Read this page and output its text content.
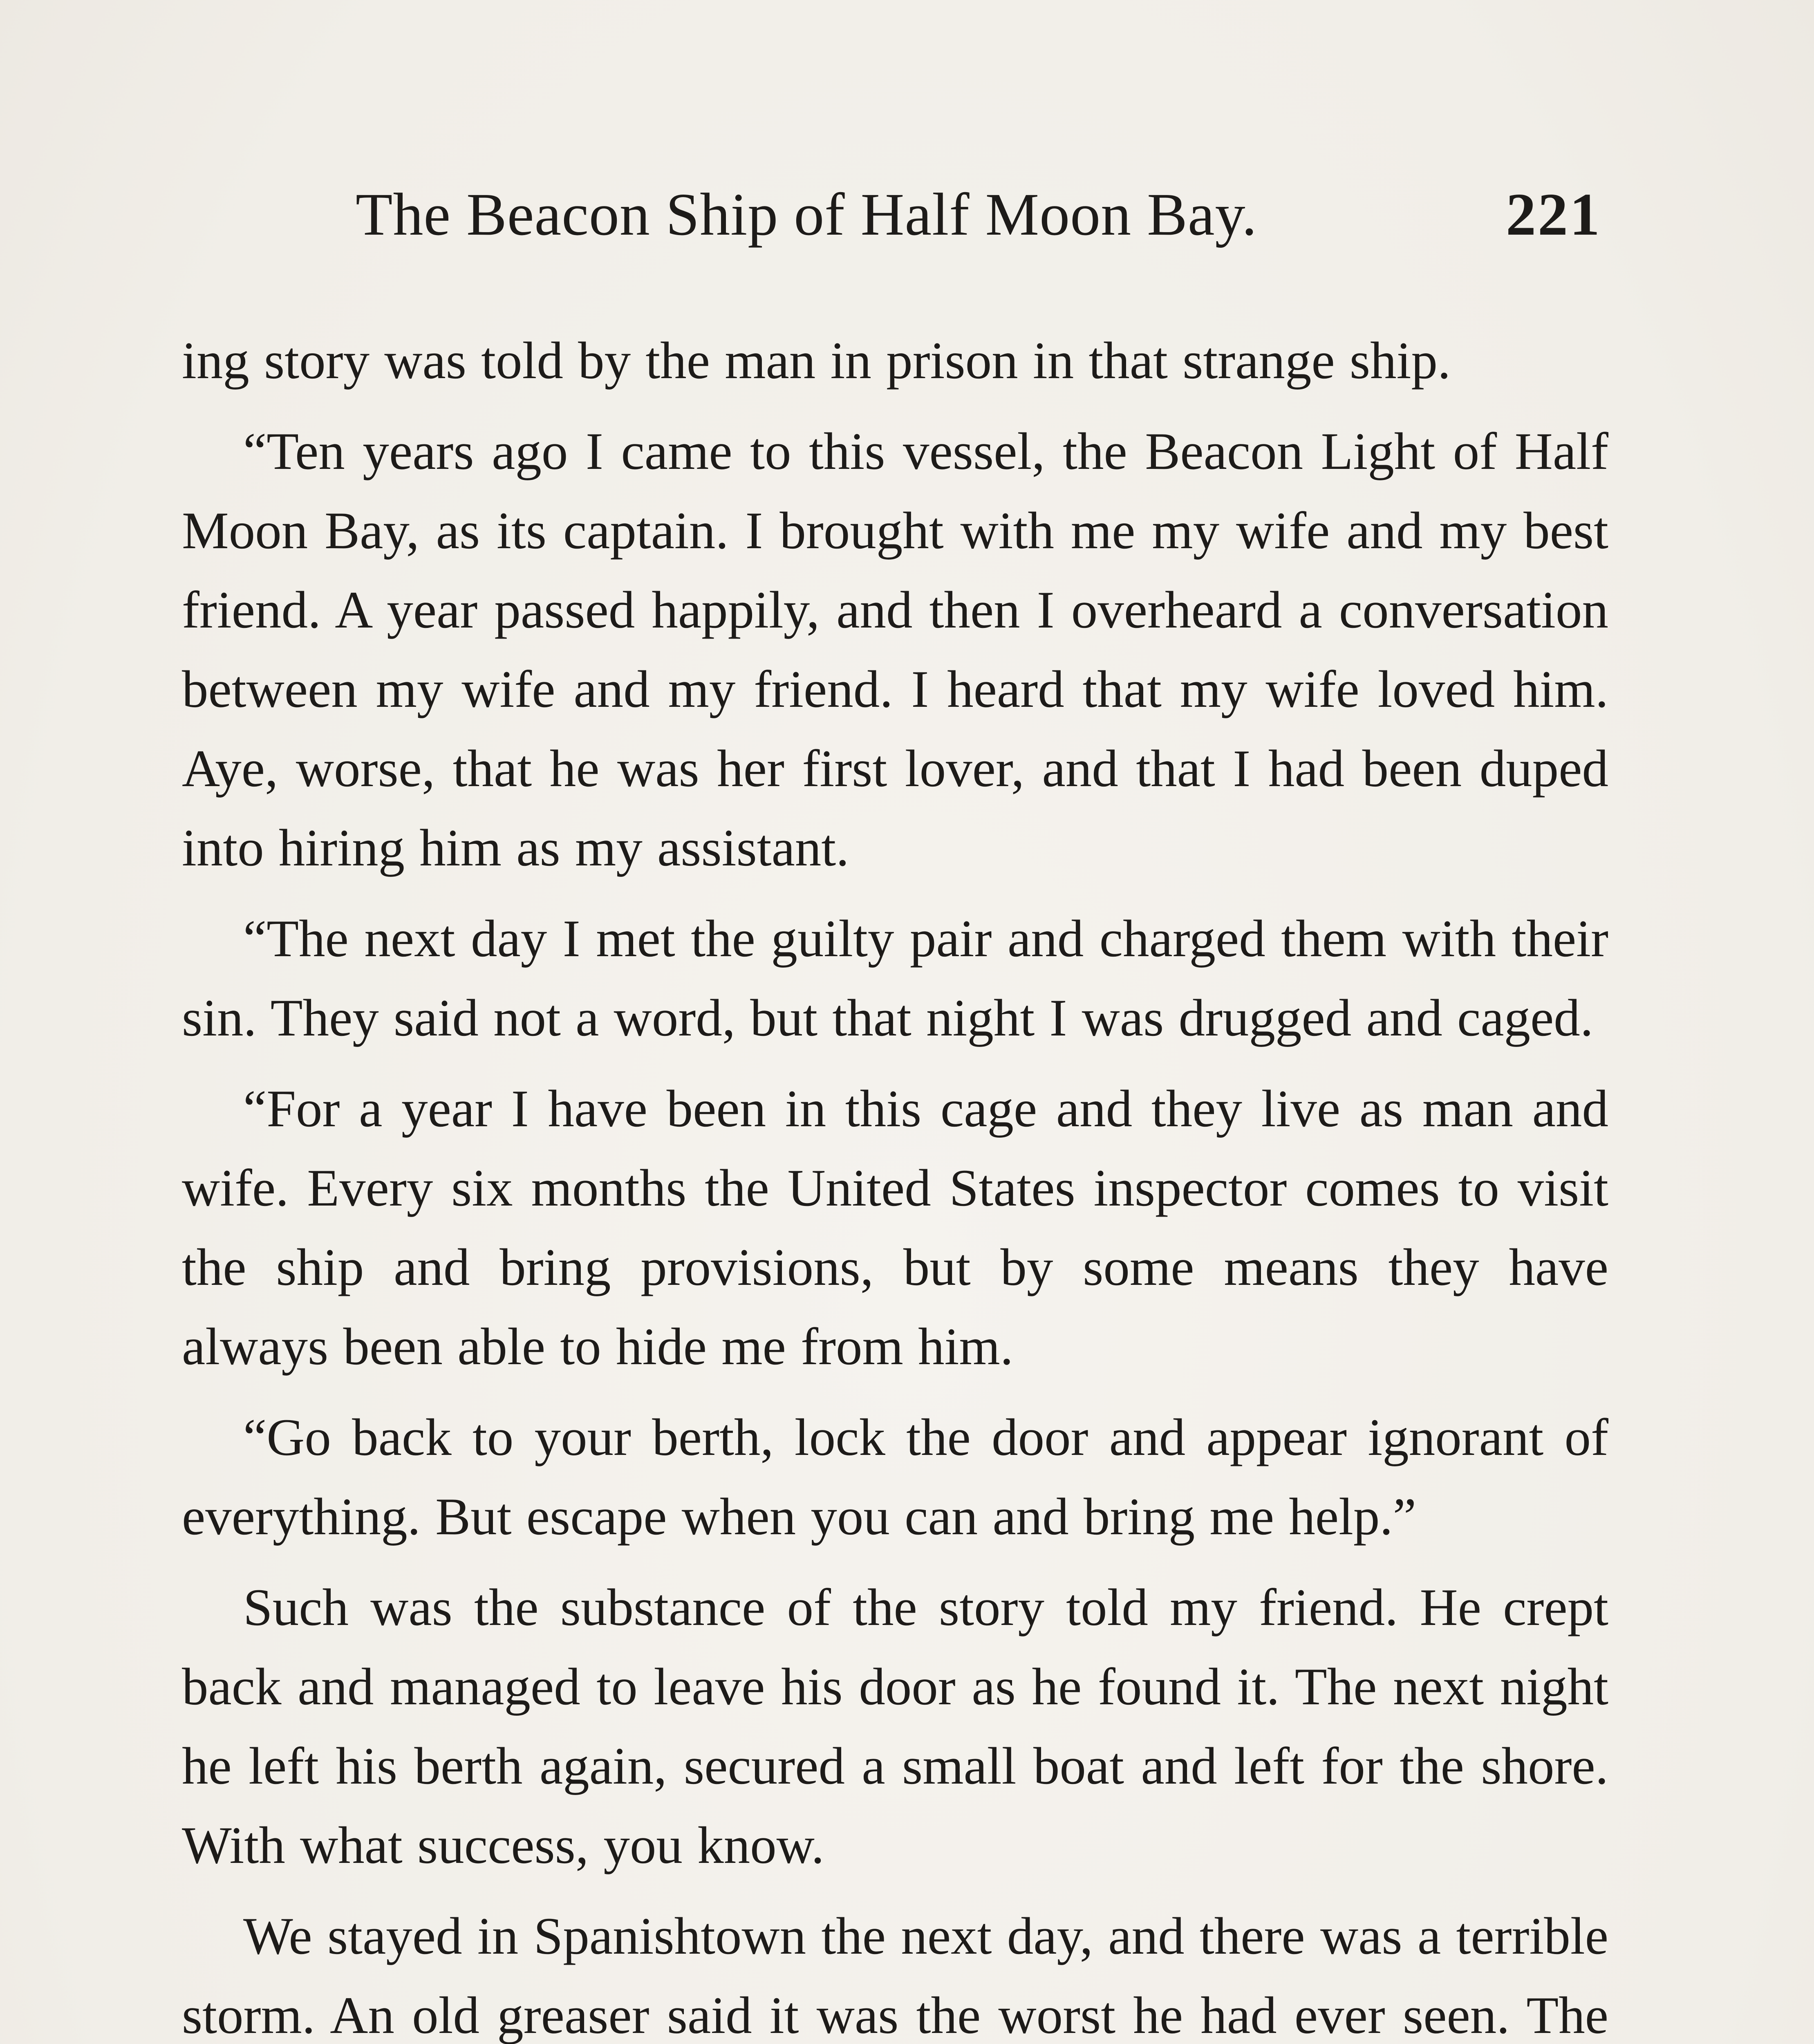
The Beacon Ship of Half Moon Bay.	221

ing story was told by the man in prison in that strange ship.

“Ten years ago I came to this vessel, the Beacon Light of Half Moon Bay, as its captain. I brought with me my wife and my best friend. A year passed happily, and then I overheard a conversation between my wife and my friend. I heard that my wife loved him. Aye, worse, that he was her first lover, and that I had been duped into hiring him as my assistant.

“The next day I met the guilty pair and charged them with their sin. They said not a word, but that night I was drugged and caged.

“For a year I have been in this cage and they live as man and wife. Every six months the United States inspector comes to visit the ship and bring provisions, but by some means they have always been able to hide me from him.

“Go back to your berth, lock the door and appear ignorant of everything. But escape when you can and bring me help.”

Such was the substance of the story told my friend. He crept back and managed to leave his door as he found it. The next night he left his berth again, secured a small boat and left for the shore. With what success, you know.

We stayed in Spanishtown the next day, and there was a terrible storm. An old greaser said it was the worst he had ever seen. The
